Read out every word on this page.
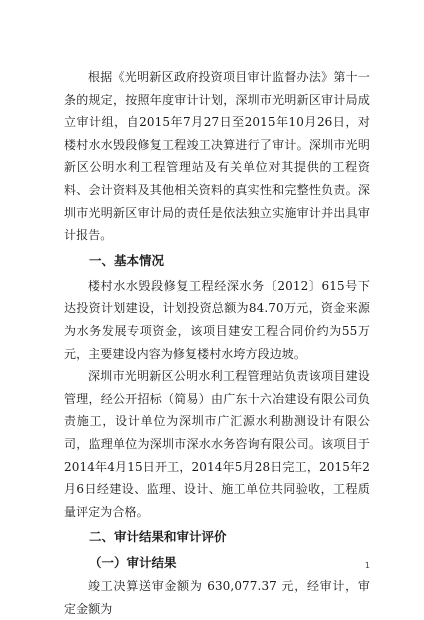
根据《光明新区政府投资项目审计监督办法》第十一条的规定，按照年度审计计划，深圳市光明新区审计局成立审计组，自2015年7月27日至2015年10月26日，对楼村水水毁段修复工程竣工决算进行了审计。深圳市光明新区公明水利工程管理站及有关单位对其提供的工程资料、会计资料及其他相关资料的真实性和完整性负责。深圳市光明新区审计局的责任是依法独立实施审计并出具审计报告。

一、基本情况

楼村水水毁段修复工程经深水务〔2012〕615号下达投资计划建设，计划投资总额为84.70万元，资金来源为水务发展专项资金，该项目建安工程合同价约为55万元，主要建设内容为修复楼村水垮方段边坡。

深圳市光明新区公明水利工程管理站负责该项目建设管理，经公开招标（简易）由广东十六冶建设有限公司负责施工，设计单位为深圳市广汇源水利勘测设计有限公司，监理单位为深圳市深水水务咨询有限公司。该项目于2014年4月15日开工，2014年5月28日完工，2015年2月6日经建设、监理、设计、施工单位共同验收，工程质量评定为合格。

二、审计结果和审计评价

（一）审计结果

竣工决算送审金额为 630,077.37 元，经审计，审定金额为

1
